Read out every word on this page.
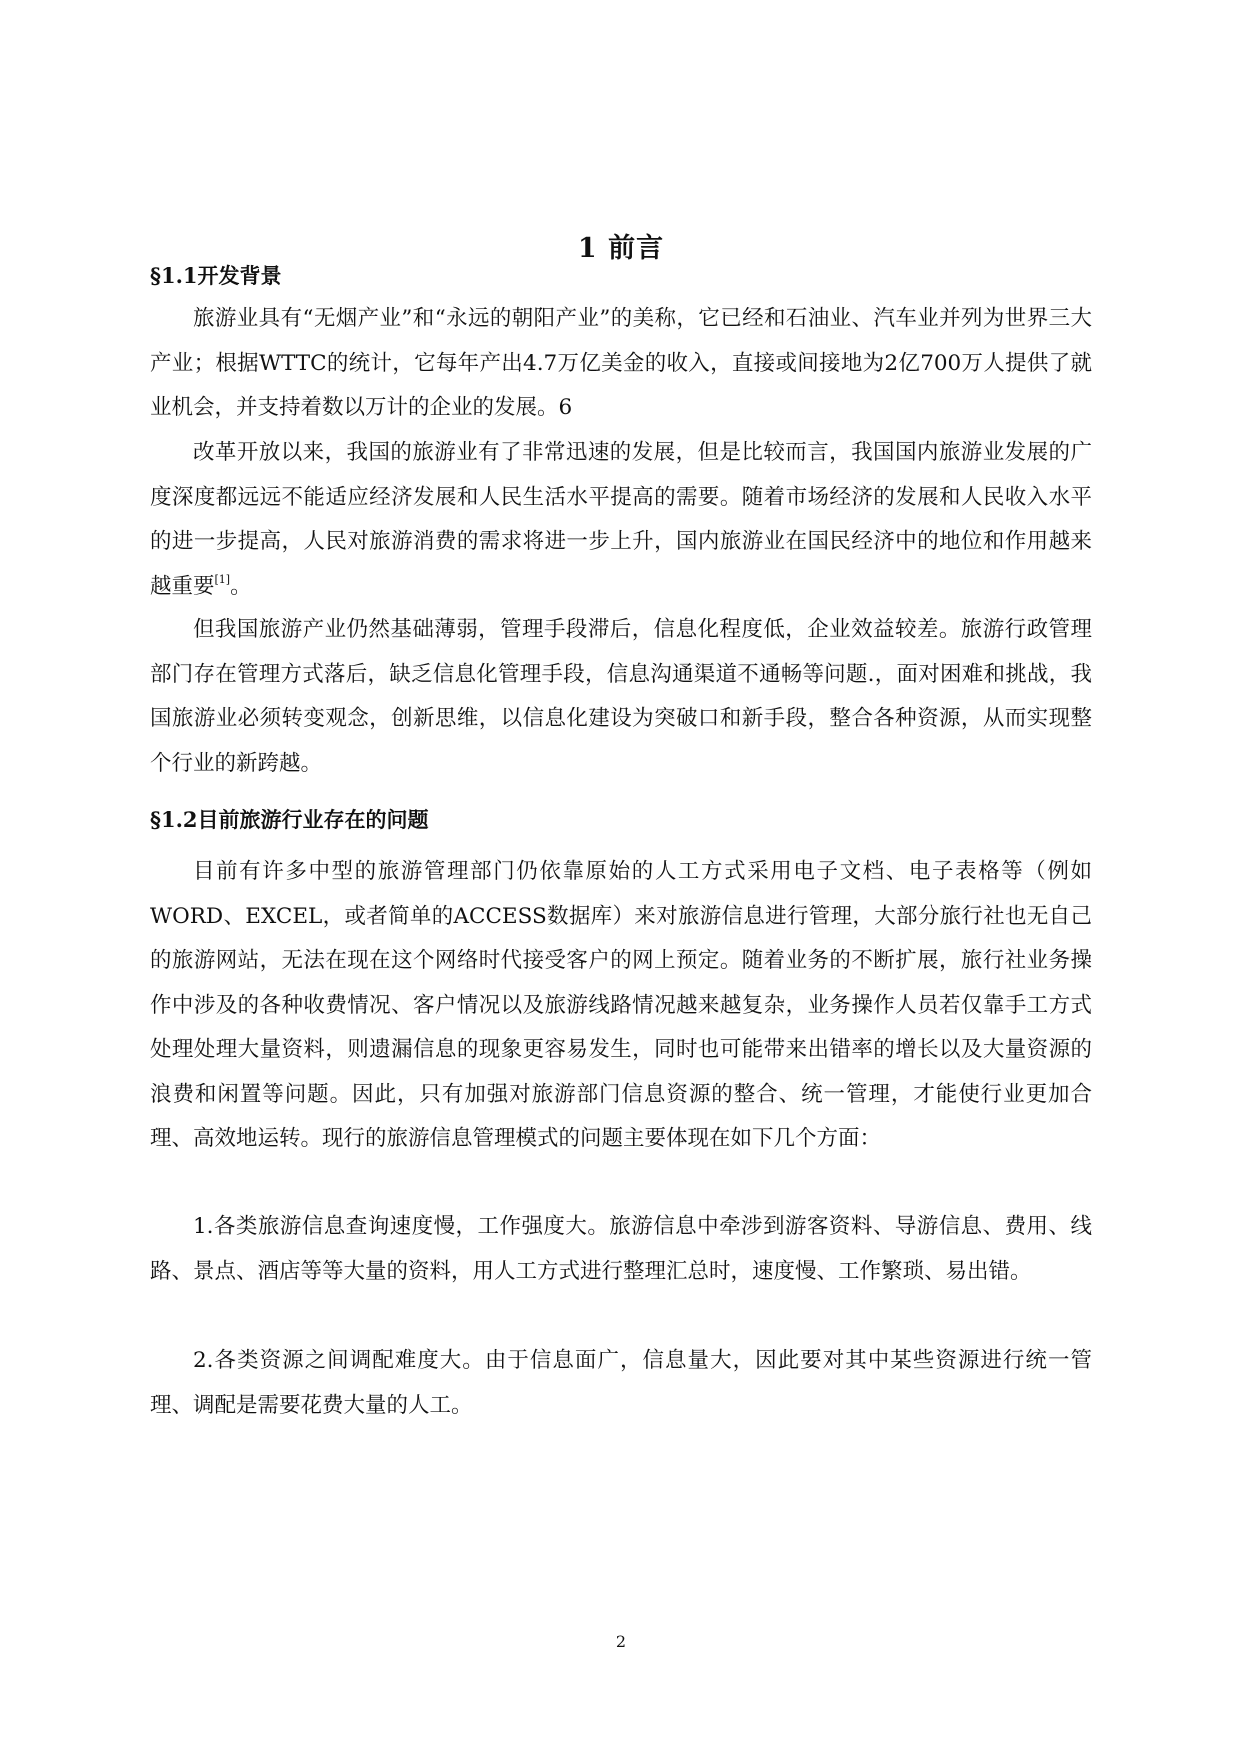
1 前言
§1.1开发背景

旅游业具有“无烟产业”和“永远的朝阳产业”的美称，它已经和石油业、汽车业并列为世界三大产业；根据WTTC的统计，它每年产出4.7万亿美金的收入，直接或间接地为2亿700万人提供了就业机会，并支持着数以万计的企业的发展。6

改革开放以来，我国的旅游业有了非常迅速的发展，但是比较而言，我国国内旅游业发展的广度深度都远远不能适应经济发展和人民生活水平提高的需要。随着市场经济的发展和人民收入水平的进一步提高，人民对旅游消费的需求将进一步上升，国内旅游业在国民经济中的地位和作用越来越重要[1]。

但我国旅游产业仍然基础薄弱，管理手段滞后，信息化程度低，企业效益较差。旅游行政管理部门存在管理方式落后，缺乏信息化管理手段，信息沟通渠道不通畅等问题.，面对困难和挑战，我国旅游业必须转变观念，创新思维，以信息化建设为突破口和新手段，整合各种资源，从而实现整个行业的新跨越。

§1.2目前旅游行业存在的问题

目前有许多中型的旅游管理部门仍依靠原始的人工方式采用电子文档、电子表格等（例如WORD、EXCEL，或者简单的ACCESS数据库）来对旅游信息进行管理，大部分旅行社也无自己的旅游网站，无法在现在这个网络时代接受客户的网上预定。随着业务的不断扩展，旅行社业务操作中涉及的各种收费情况、客户情况以及旅游线路情况越来越复杂，业务操作人员若仅靠手工方式处理处理大量资料，则遗漏信息的现象更容易发生，同时也可能带来出错率的增长以及大量资源的浪费和闲置等问题。因此，只有加强对旅游部门信息资源的整合、统一管理，才能使行业更加合理、高效地运转。现行的旅游信息管理模式的问题主要体现在如下几个方面：

1.各类旅游信息查询速度慢，工作强度大。旅游信息中牵涉到游客资料、导游信息、费用、线路、景点、酒店等等大量的资料，用人工方式进行整理汇总时，速度慢、工作繁琐、易出错。

2.各类资源之间调配难度大。由于信息面广，信息量大，因此要对其中某些资源进行统一管理、调配是需要花费大量的人工。

2
